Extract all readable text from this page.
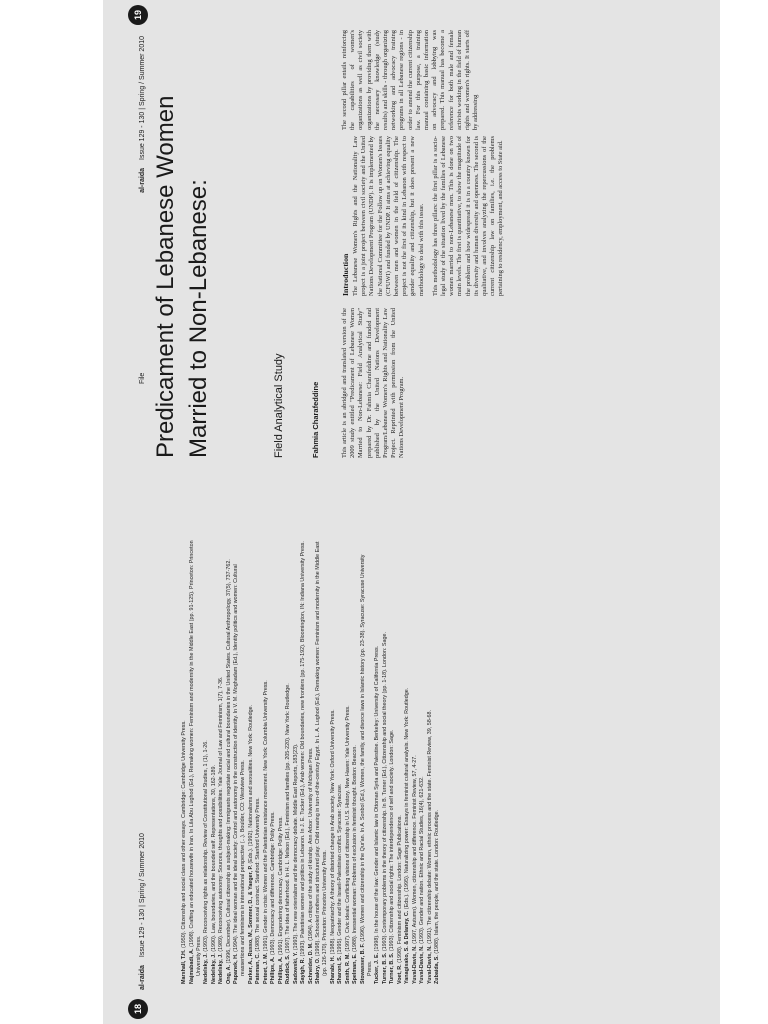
18
al-raida
Issue 129 - 130 | Spring / Summer 2010

Marshall, T.H. (1950). Citizenship and social class and other essays. Cambridge: Cambridge University Press.

Najmabadi, A. (1998). Crafting an educated housewife in Iran. In Lila Abu Lughod (Ed.), Remaking women: Feminism and modernity in the Middle East (pp. 91-125). Princeton: Princeton University Press. Nedelsky, J. (1993). Reconceiving rights as relationship. Review of Constitutional Studies, 1 (1), 1-26.

Nedelsky, J. (1990). Law, boundaries, and the bounded self. Representations, 30, 162-189.

Nedelsky, J. (1989). Reconceiving autonomy: Sources, thoughts and possibilities. Yale Journal of Law and Feminism, 1(7), 7-36.

Ong, A. (1996, December). Cultural citizenship as subject-making: Immigrants negotiate racial and cultural boundaries in the United States. Cultural Anthropology, 37(5), 737-762.

Papanek, H. (1994). The ideal woman and the ideal society: Control and autonomy in the construction of identity. In V. M. Moghadam (Ed.), Identity politics and women: Cultural reassertions and feminisms in international perspective (...). Boulder, CO: Westview Press. Parker, A., Russo, M., Sommer, D., & Yaeger, P. (Eds.). (1992). Nationalisms and sexualities. New York: Routledge.

Pateman, C. (1988). The sexual contract. Stanford: Stanford University Press.

Peteet, J. M. (1991). Gender in crisis: Women and the Palestinian resistance movement. New York: Columbia University Press.

Phillips, A. (1993). Democracy and difference. Cambridge: Polity Press.

Phillips, A. (1991). Engendering democracy. Cambridge: Polity Press.

Ruddick, S. (1997). The idea of fatherhood. In H. L. Nelson (Ed.), Feminism and families (pp. 205-220). New York: Routledge.

Sadowski, Y. (1993). The new orientalism and the democracy debate. Middle East Reports, 183(23).

Sayigh, R. (1993). Palestinian women and politics in Lebanon. In J. E. Tucker (Ed.), Arab women: Old boundaries, new frontiers (pp. 175-192). Bloomington, IN: Indiana University Press.

Schneider, D. M. (1984). A critique of the study of kinship. Ann Arbor: University of Michigan Press.

Shakry, O. (1998). Schooled mothers and structured play: Child rearing in turn-of-the-century Egypt. In L. A. Lughod (Ed.), Remaking women: Feminism and modernity in the Middle East (pp. 126-170). Princeton: Princeton University Press. Sharabi, H. (1988). Neopatriarchy: A theory of distorted change in Arab society. New York: Oxford University Press.

Sharoni, S. (1995). Gender and the Israeli-Palestinian conflict. Syracuse: Syracuse.

Smith, R. M. (1997). Civic ideals: Conflicting visions of citizenship in U.S. History. New Haven: Yale University Press.

Spelman, E. (1988). Inessential woman: Problems of exclusion in feminist thought. Boston: Beacon.

Stowasser, B. F. (1996). Women and citizenship in the Qur'an. In A. Sonbol (Ed.), Women, the family, and divorce laws in Islamic history (pp. 23-38). Syracuse: Syracuse University Press. Tucker, J. E. (1998). In the house of the law: Gender and Islamic law in Ottoman Syria and Palestine. Berkeley: University of California Press.

Turner, B. S. (1993). Contemporary problems in the theory of citizenship. In B. Turner (Ed.), Citizenship and social theory (pp. 1-18). London: Sage.

Turner, B. S. (1993). Citizenship and social rights: The interdependence of self and society. London: Sage.

Voet, R. (1998). Feminism and citizenship. London: Sage Publications. Yanagisako, S. & Delaney, C. (Eds.). (1995). Naturalizing power: Essays in feminist cultural analysis. New York: Routledge.

Yuval-Davis, N. (1997, Autumn). Women, citizenship and difference. Feminist Review, 57, 4-27.

Yuval-Davis, N. (1993). Gender and nation. Ethnic and Racial Studies, 16(4), 621-632.

Yuval-Davis, N. (1991). The citizenship debate: Women, ethnic process and the state. Feminist Review, 39, 58-68.

Zubaida, S. (1988). Islam, the people, and the state. London: Routledge.

File
al-raida
Issue 129 - 130 | Spring / Summer 2010
19
Predicament of Lebanese Women Married to Non-Lebanese:	Field Analytical Study	Fahmia Charafeddine	This article is an abridged and translated version of the 2009 study entitled "Predicament of Lebanese Women Married to Non-Lebanese: Field Analytical Study" prepared by Dr. Fahmia Charafeddine and funded and published by the United Nations Development Program/Lebanese Women's Rights and Nationality Law Project. Reprinted with permission from the United Nations Development Program.

Introduction The Lebanese Women's Rights and the Nationality Law project is a joint project between civil society and the United Nations Development Program (UNDP). It is implemented by the National Committee for the Follow up on Women's Issues (CFUWI) and funded by UNDP. It aims at achieving equality between men and women in the field of citizenship. The project is not the first of its kind in Lebanon with respect to gender equality and citizenship, but it does present a new methodology to deal with this issue. This methodology has three pillars: the first pillar is a socio-legal study of the situation lived by the families of Lebanese women married to non-Lebanese men. This is done on two main levels. The first is quantitative, to show the magnitude of the problem and how widespread it is in a country known for its diversity and human diversity and openness. The second is qualitative, and involves analyzing the repercussions of the current citizenship law on families, i.e. the problems pertaining to residency, employment, and access to State aid.

The second pillar entails reinforcing the capabilities of women's organizations as well as civil society organizations by providing them with the necessary knowledge (study results) and skills - through organizing networking and advocacy training programs in all Lebanese regions - in order to amend the current citizenship law. For this purpose, a training manual containing basic information on advocacy and lobbying was prepared. This manual has become a reference for both male and female activists working in the field of human rights and women's rights. It starts off by addressing
